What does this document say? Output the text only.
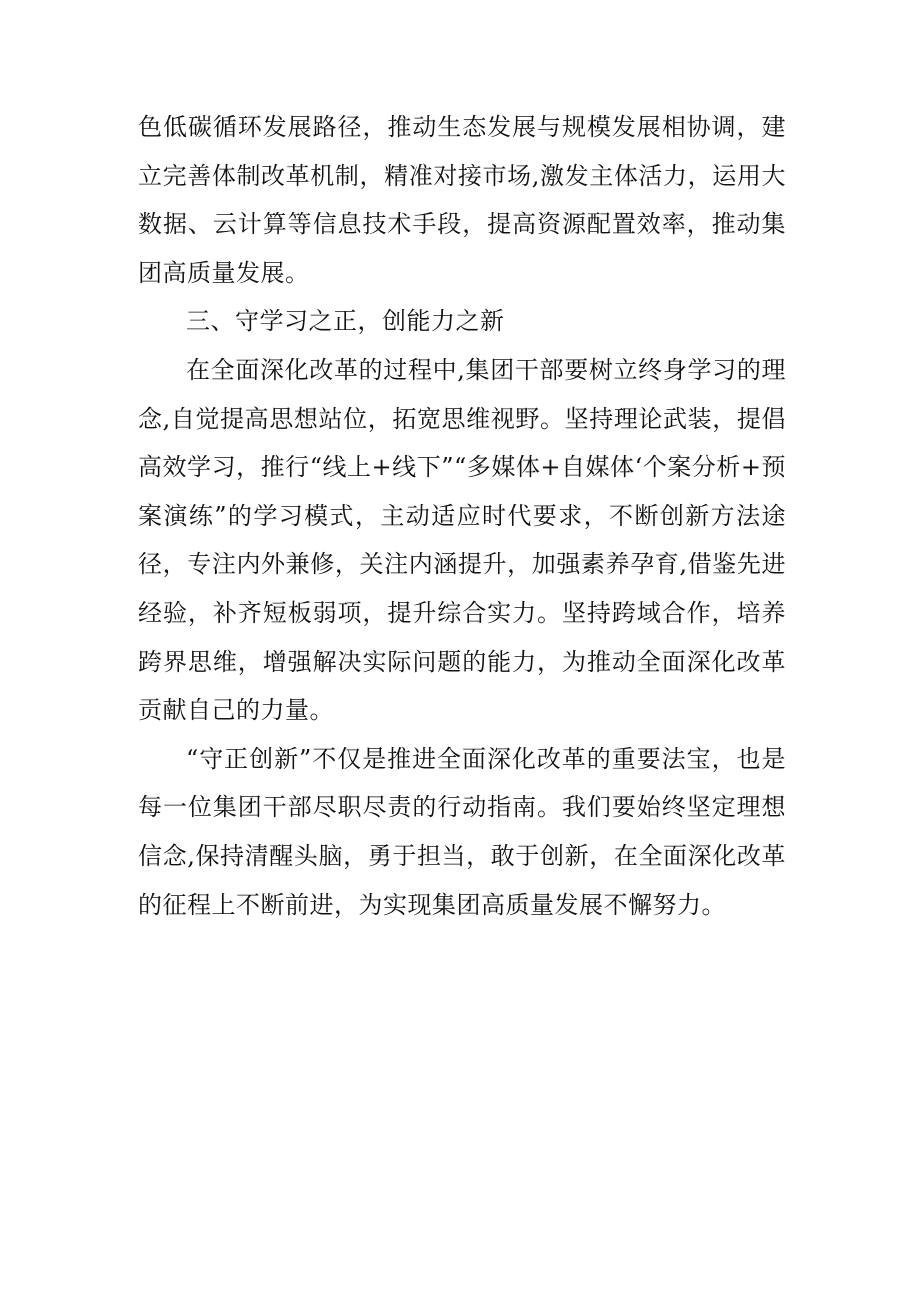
色低碳循环发展路径，推动生态发展与规模发展相协调，建立完善体制改革机制，精准对接市场,激发主体活力，运用大数据、云计算等信息技术手段，提高资源配置效率，推动集团高质量发展。

三、守学习之正，创能力之新

在全面深化改革的过程中,集团干部要树立终身学习的理念,自觉提高思想站位，拓宽思维视野。坚持理论武装，提倡高效学习，推行“线上+线下”“多媒体+自媒体‘个案分析+预案演练”的学习模式，主动适应时代要求，不断创新方法途径，专注内外兼修，关注内涵提升，加强素养孕育,借鉴先进经验，补齐短板弱项，提升综合实力。坚持跨域合作，培养跨界思维，增强解决实际问题的能力，为推动全面深化改革贡献自己的力量。

“守正创新”不仅是推进全面深化改革的重要法宝，也是每一位集团干部尽职尽责的行动指南。我们要始终坚定理想信念,保持清醒头脑，勇于担当，敢于创新，在全面深化改革的征程上不断前进，为实现集团高质量发展不懈努力。
